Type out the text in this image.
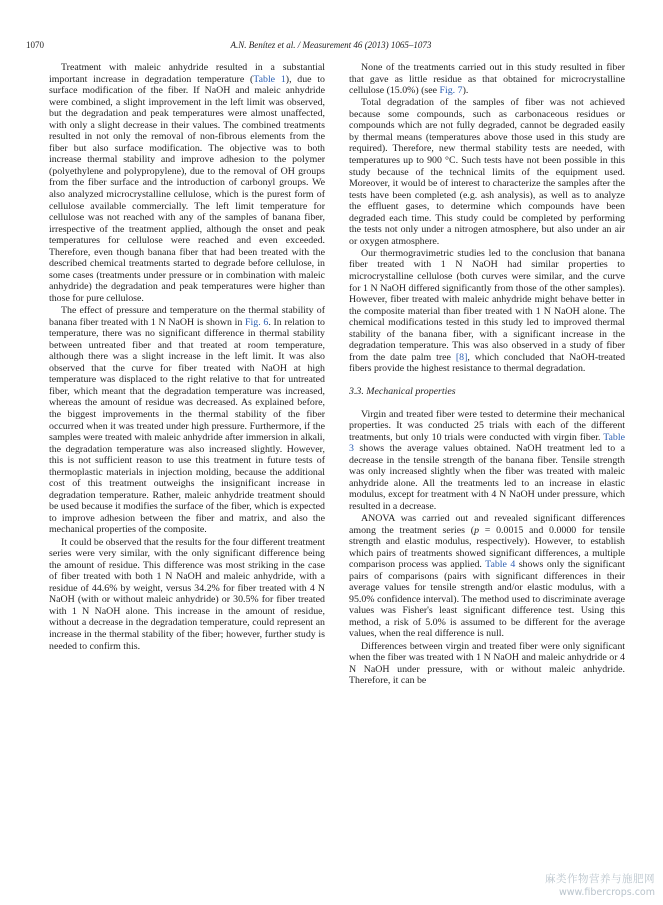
1070	A.N. Benítez et al. / Measurement 46 (2013) 1065–1073

Treatment with maleic anhydride resulted in a substantial important increase in degradation temperature (Table 1), due to surface modification of the fiber. If NaOH and maleic anhydride were combined, a slight improvement in the left limit was observed, but the degradation and peak temperatures were almost unaffected, with only a slight decrease in their values. The combined treatments resulted in not only the removal of non-fibrous elements from the fiber but also surface modification. The objective was to both increase thermal stability and improve adhesion to the polymer (polyethylene and polypropylene), due to the removal of OH groups from the fiber surface and the introduction of carbonyl groups. We also analyzed microcrystalline cellulose, which is the purest form of cellulose available commercially. The left limit temperature for cellulose was not reached with any of the samples of banana fiber, irrespective of the treatment applied, although the onset and peak temperatures for cellulose were reached and even exceeded. Therefore, even though banana fiber that had been treated with the described chemical treatments started to degrade before cellulose, in some cases (treatments under pressure or in combination with maleic anhydride) the degradation and peak temperatures were higher than those for pure cellulose.

The effect of pressure and temperature on the thermal stability of banana fiber treated with 1 N NaOH is shown in Fig. 6. In relation to temperature, there was no significant difference in thermal stability between untreated fiber and that treated at room temperature, although there was a slight increase in the left limit. It was also observed that the curve for fiber treated with NaOH at high temperature was displaced to the right relative to that for untreated fiber, which meant that the degradation temperature was increased, whereas the amount of residue was decreased. As explained before, the biggest improvements in the thermal stability of the fiber occurred when it was treated under high pressure. Furthermore, if the samples were treated with maleic anhydride after immersion in alkali, the degradation temperature was also increased slightly. However, this is not sufficient reason to use this treatment in future tests of thermoplastic materials in injection molding, because the additional cost of this treatment outweighs the insignificant increase in degradation temperature. Rather, maleic anhydride treatment should be used because it modifies the surface of the fiber, which is expected to improve adhesion between the fiber and matrix, and also the mechanical properties of the composite.

It could be observed that the results for the four different treatment series were very similar, with the only significant difference being the amount of residue. This difference was most striking in the case of fiber treated with both 1 N NaOH and maleic anhydride, with a residue of 44.6% by weight, versus 34.2% for fiber treated with 4 N NaOH (with or without maleic anhydride) or 30.5% for fiber treated with 1 N NaOH alone. This increase in the amount of residue, without a decrease in the degradation temperature, could represent an increase in the thermal stability of the fiber; however, further study is needed to confirm this.

None of the treatments carried out in this study resulted in fiber that gave as little residue as that obtained for microcrystalline cellulose (15.0%) (see Fig. 7).

Total degradation of the samples of fiber was not achieved because some compounds, such as carbonaceous residues or compounds which are not fully degraded, cannot be degraded easily by thermal means (temperatures above those used in this study are required). Therefore, new thermal stability tests are needed, with temperatures up to 900 °C. Such tests have not been possible in this study because of the technical limits of the equipment used. Moreover, it would be of interest to characterize the samples after the tests have been completed (e.g. ash analysis), as well as to analyze the effluent gases, to determine which compounds have been degraded each time. This study could be completed by performing the tests not only under a nitrogen atmosphere, but also under an air or oxygen atmosphere.

Our thermogravimetric studies led to the conclusion that banana fiber treated with 1 N NaOH had similar properties to microcrystalline cellulose (both curves were similar, and the curve for 1 N NaOH differed significantly from those of the other samples). However, fiber treated with maleic anhydride might behave better in the composite material than fiber treated with 1 N NaOH alone. The chemical modifications tested in this study led to improved thermal stability of the banana fiber, with a significant increase in the degradation temperature. This was also observed in a study of fiber from the date palm tree [8], which concluded that NaOH-treated fibers provide the highest resistance to thermal degradation.

3.3. Mechanical properties

Virgin and treated fiber were tested to determine their mechanical properties. It was conducted 25 trials with each of the different treatments, but only 10 trials were conducted with virgin fiber. Table 3 shows the average values obtained. NaOH treatment led to a decrease in the tensile strength of the banana fiber. Tensile strength was only increased slightly when the fiber was treated with maleic anhydride alone. All the treatments led to an increase in elastic modulus, except for treatment with 4 N NaOH under pressure, which resulted in a decrease.

ANOVA was carried out and revealed significant differences among the treatment series (p = 0.0015 and 0.0000 for tensile strength and elastic modulus, respectively). However, to establish which pairs of treatments showed significant differences, a multiple comparison process was applied. Table 4 shows only the significant pairs of comparisons (pairs with significant differences in their average values for tensile strength and/or elastic modulus, with a 95.0% confidence interval). The method used to discriminate average values was Fisher's least significant difference test. Using this method, a risk of 5.0% is assumed to be different for the average values, when the real difference is null.

Differences between virgin and treated fiber were only significant when the fiber was treated with 1 N NaOH and maleic anhydride or 4 N NaOH under pressure, with or without maleic anhydride. Therefore, it can be

麻类作物营养与施肥网
www.fibercrops.com
